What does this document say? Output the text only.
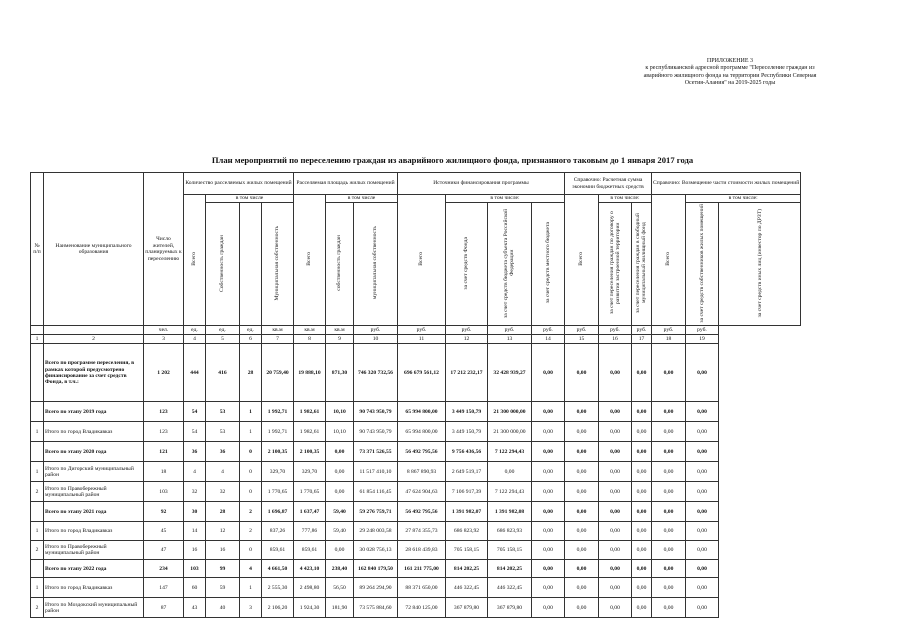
ПРИЛОЖЕНИЕ 3
к республиканской адресной программе "Переселение граждан из аварийного жилищного фонда на территории Республики Северная Осетия-Алания" на 2019-2025 годы
План мероприятий по переселению граждан из аварийного жилищного фонда, признанного таковым до 1 января 2017 года
№ п/п	Наименование муниципального образования	Число жителей, планируемых к переселению	Количество расселяемых жилых помещений				Расселяемая площадь жилых помещений			Источники финансирования программы				Справочно: Расчетная сумма экономии бюджетных средств			Справочно: Возмещение части стоимости жилых помещений		
			Всего	в том числе			Всего	в том числе		Всего	в том числе:			Всего	в том числе:		Всего	в том числе:	
				Собственность граждан		Муниципальная собственность		собственность граждан	муниципальная собственность		за счет средств Фонда	за счет средств бюджета субъекта Российской Федерации	за счет средств местного бюджета		за счет переселения граждан по договору о развитии застроенной территории	за счет переселения граждан в свободный муниципальный жилищный фонд		за счет средств собственников жилых помещений	за счет средств иных лиц (инвестор по ДРЗТ)
		чел.	ед.	ед.	ед.	кв.м	кв.м	кв.м	руб.	руб.	руб.	руб.	руб.	руб.	руб.	руб.	руб.	руб.	
1	2	3	4	5	6	7	8	9	10	11	12	13	14	15	16	17	18	19	
	Всего по программе переселения, в рамках которой предусмотрено финансирование за счет средств Фонда, в т.ч.:	1 202	444	416	28	20 759,40	19 888,10	871,30	746 320 732,56	696 679 561,12	17 212 232,17	32 428 939,27	0,00	0,00	0,00	0,00	0,00	0,00	
	Всего по этапу 2019 года	123	54	53	1	1 992,71	1 982,61	10,10	90 743 950,79	65 994 800,00	3 449 150,79	21 300 000,00	0,00	0,00	0,00	0,00	0,00	0,00	
1	Итого по город Владикавказ	123	54	53	1	1 992,71	1 982,61	10,10	90 743 950,79	65 994 800,00	3 449 150,79	21 300 000,00	0,00	0,00	0,00	0,00	0,00	0,00	
	Всего по этапу 2020 года	121	36	36	0	2 100,35	2 100,35	0,00	73 371 526,55	56 492 795,56	9 756 436,56	7 122 294,43	0,00	0,00	0,00	0,00	0,00	0,00	
1	Итого по Дигорский муниципальный район	18	4	4	0	329,70	329,70	0,00	11 517 410,10	8 867 890,93	2 649 519,17	0,00	0,00	0,00	0,00	0,00	0,00	0,00	
2	Итого по Правобережный муниципальный район	103	32	32	0	1 770,65	1 770,65	0,00	61 854 116,45	47 624 904,63	7 106 917,39	7 122 294,43	0,00	0,00	0,00	0,00	0,00	0,00	
	Всего по этапу 2021 года	92	30	28	2	1 696,87	1 637,47	59,40	59 276 759,71	56 492 795,56	1 391 982,07	1 391 982,08	0,00	0,00	0,00	0,00	0,00	0,00	
1	Итого по город Владикавказ	45	14	12	2	837,26	777,86	59,40	29 248 003,58	27 874 355,73	686 823,92	686 823,93	0,00	0,00	0,00	0,00	0,00	0,00	
2	Итого по Правобережный муниципальный район	47	16	16	0	859,61	859,61	0,00	30 028 756,13	28 618 439,83	705 158,15	705 158,15	0,00	0,00	0,00	0,00	0,00	0,00	
	Всего по этапу 2022 года	234	103	99	4	4 661,50	4 423,10	238,40	162 840 179,50	161 211 775,00	814 202,25	814 202,25	0,00	0,00	0,00	0,00	0,00	0,00	
1	Итого по город Владикавказ	147	60	59	1	2 555,30	2 498,80	56,50	89 264 294,90	88 371 650,00	446 322,45	446 322,45	0,00	0,00	0,00	0,00	0,00	0,00	
2	Итого по Моздокский муниципальный район	87	43	40	3	2 106,20	1 924,30	181,90	73 575 884,60	72 840 125,00	367 879,80	367 879,80	0,00	0,00	0,00	0,00	0,00	0,00	
